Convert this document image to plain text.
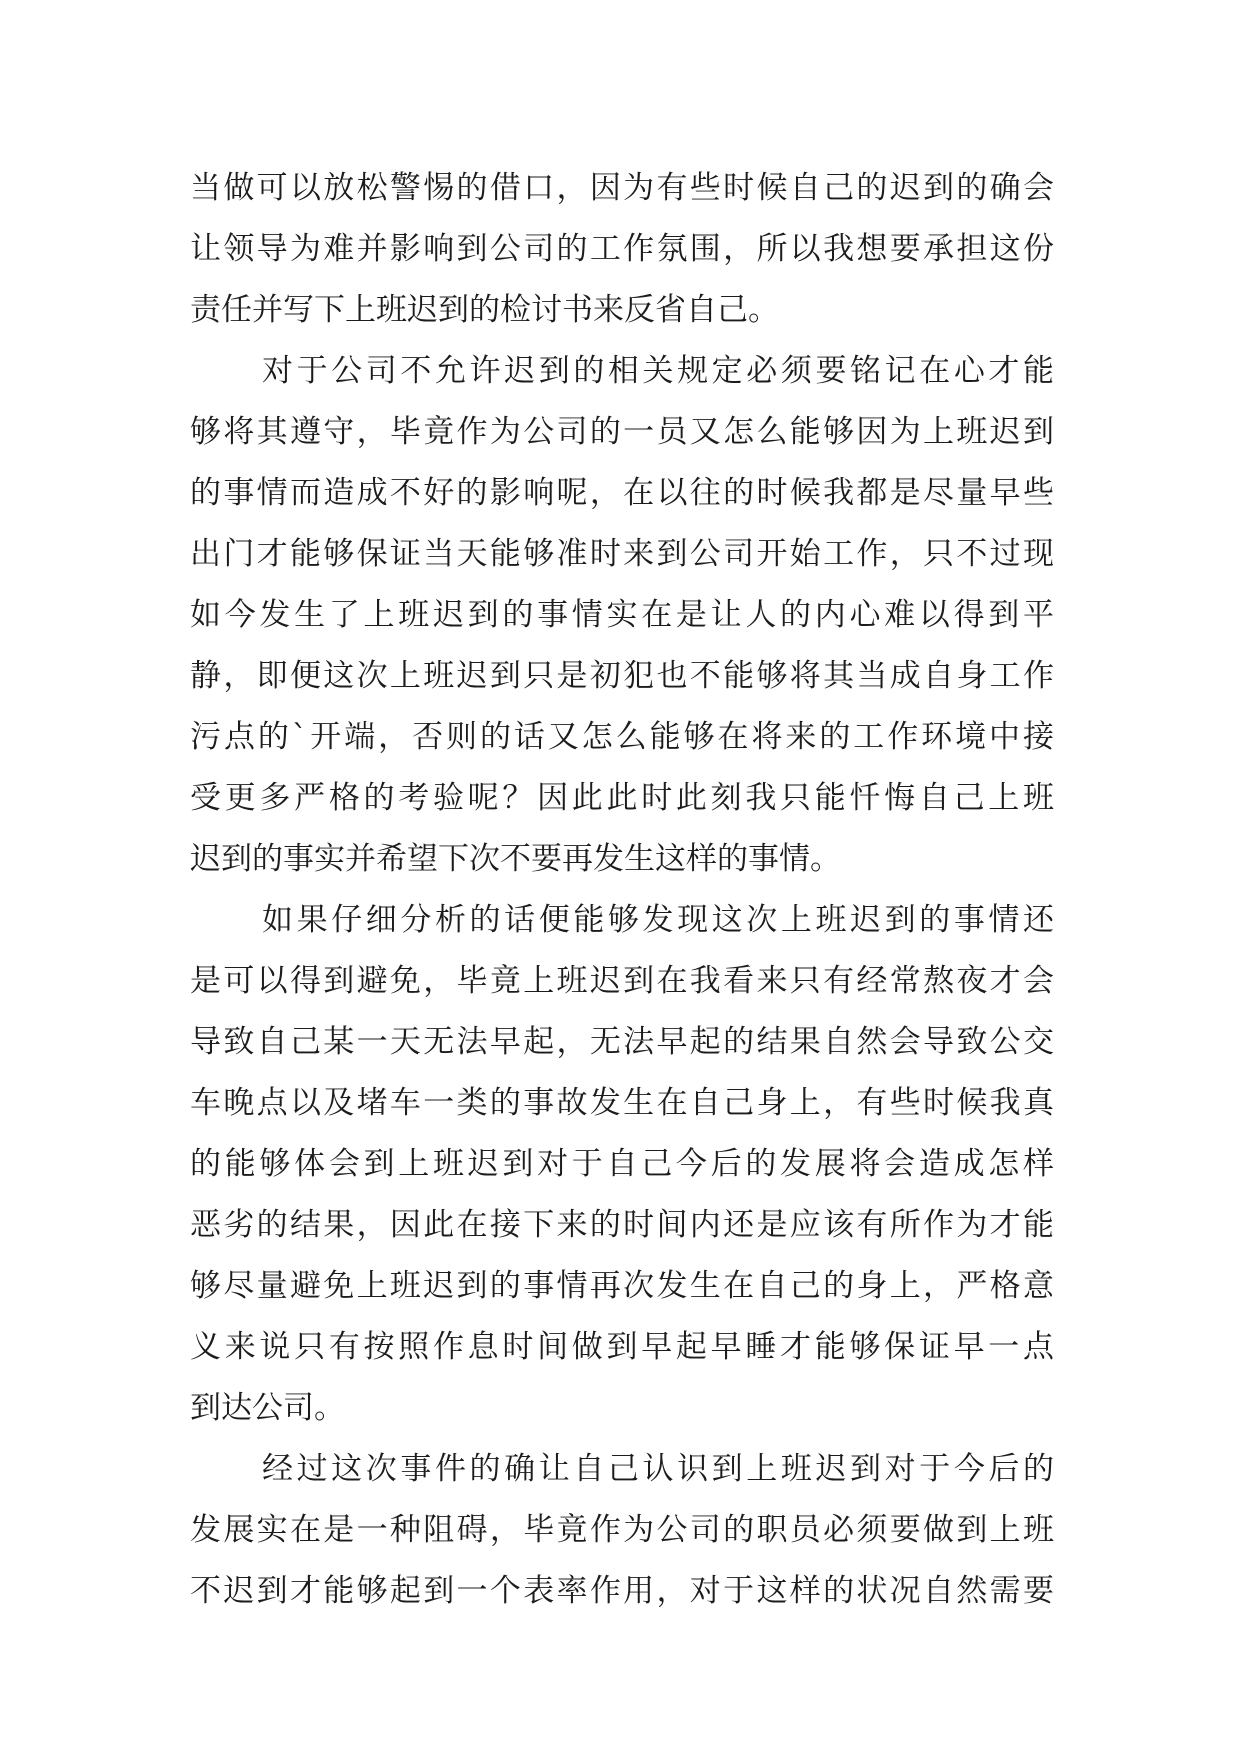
当做可以放松警惕的借口，因为有些时候自己的迟到的确会
让领导为难并影响到公司的工作氛围，所以我想要承担这份
责任并写下上班迟到的检讨书来反省自己。
对于公司不允许迟到的相关规定必须要铭记在心才能
够将其遵守，毕竟作为公司的一员又怎么能够因为上班迟到
的事情而造成不好的影响呢，在以往的时候我都是尽量早些
出门才能够保证当天能够准时来到公司开始工作，只不过现
如今发生了上班迟到的事情实在是让人的内心难以得到平
静，即便这次上班迟到只是初犯也不能够将其当成自身工作
污点的`开端，否则的话又怎么能够在将来的工作环境中接
受更多严格的考验呢？因此此时此刻我只能忏悔自己上班
迟到的事实并希望下次不要再发生这样的事情。
如果仔细分析的话便能够发现这次上班迟到的事情还
是可以得到避免，毕竟上班迟到在我看来只有经常熬夜才会
导致自己某一天无法早起，无法早起的结果自然会导致公交
车晚点以及堵车一类的事故发生在自己身上，有些时候我真
的能够体会到上班迟到对于自己今后的发展将会造成怎样
恶劣的结果，因此在接下来的时间内还是应该有所作为才能
够尽量避免上班迟到的事情再次发生在自己的身上，严格意
义来说只有按照作息时间做到早起早睡才能够保证早一点
到达公司。
经过这次事件的确让自己认识到上班迟到对于今后的
发展实在是一种阻碍，毕竟作为公司的职员必须要做到上班
不迟到才能够起到一个表率作用，对于这样的状况自然需要
